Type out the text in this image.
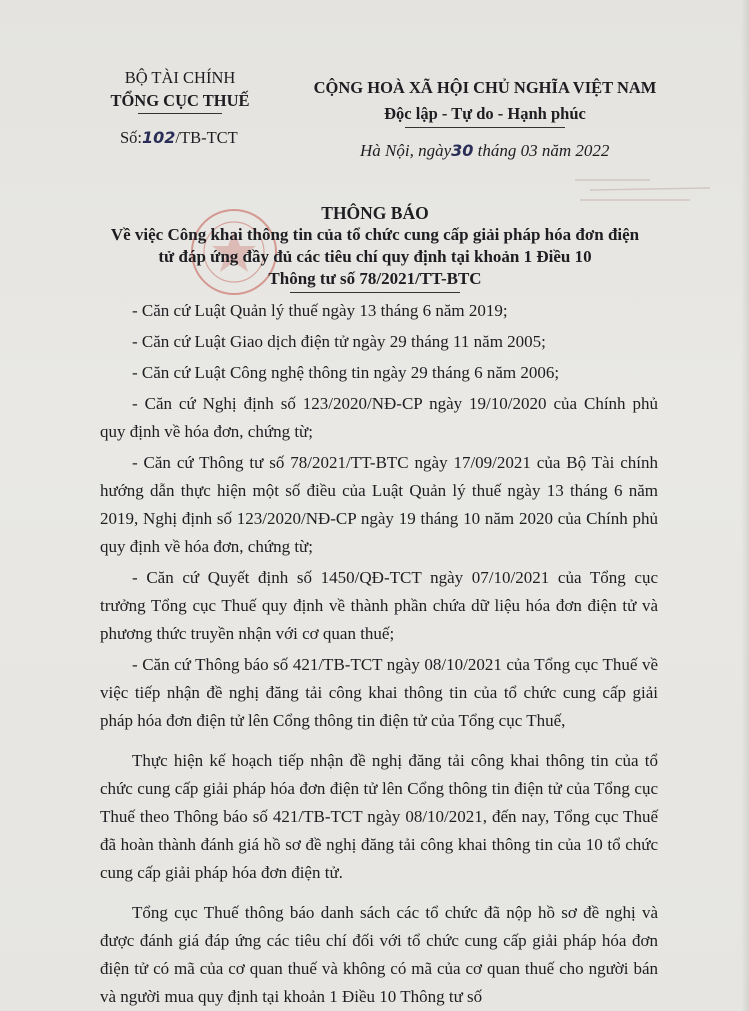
BỘ TÀI CHÍNH
TỔNG CỤC THUẾ
Số:102/TB-TCT
CỘNG HOÀ XÃ HỘI CHỦ NGHĨA VIỆT NAM
Độc lập - Tự do - Hạnh phúc
Hà Nội, ngày30 tháng 03 năm 2022
THÔNG BÁO
Về việc Công khai thông tin của tổ chức cung cấp giải pháp hóa đơn điện
tử đáp ứng đầy đủ các tiêu chí quy định tại khoản 1 Điều 10
Thông tư số 78/2021/TT-BTC

- Căn cứ Luật Quản lý thuế ngày 13 tháng 6 năm 2019;

- Căn cứ Luật Giao dịch điện tử ngày 29 tháng 11 năm 2005;

- Căn cứ Luật Công nghệ thông tin ngày 29 tháng 6 năm 2006;

- Căn cứ Nghị định số 123/2020/NĐ-CP ngày 19/10/2020 của Chính phủ quy định về hóa đơn, chứng từ;

- Căn cứ Thông tư số 78/2021/TT-BTC ngày 17/09/2021 của Bộ Tài chính hướng dẫn thực hiện một số điều của Luật Quản lý thuế ngày 13 tháng 6 năm 2019, Nghị định số 123/2020/NĐ-CP ngày 19 tháng 10 năm 2020 của Chính phủ quy định về hóa đơn, chứng từ;

- Căn cứ Quyết định số 1450/QĐ-TCT ngày 07/10/2021 của Tổng cục trưởng Tổng cục Thuế quy định về thành phần chứa dữ liệu hóa đơn điện tử và phương thức truyền nhận với cơ quan thuế;

- Căn cứ Thông báo số 421/TB-TCT ngày 08/10/2021 của Tổng cục Thuế về việc tiếp nhận đề nghị đăng tải công khai thông tin của tổ chức cung cấp giải pháp hóa đơn điện tử lên Cổng thông tin điện tử của Tổng cục Thuế,

Thực hiện kế hoạch tiếp nhận đề nghị đăng tải công khai thông tin của tổ chức cung cấp giải pháp hóa đơn điện tử lên Cổng thông tin điện tử của Tổng cục Thuế theo Thông báo số 421/TB-TCT ngày 08/10/2021, đến nay, Tổng cục Thuế đã hoàn thành đánh giá hồ sơ đề nghị đăng tải công khai thông tin của 10 tổ chức cung cấp giải pháp hóa đơn điện tử.

Tổng cục Thuế thông báo danh sách các tổ chức đã nộp hồ sơ đề nghị và được đánh giá đáp ứng các tiêu chí đối với tổ chức cung cấp giải pháp hóa đơn điện tử có mã của cơ quan thuế và không có mã của cơ quan thuế cho người bán và người mua quy định tại khoản 1 Điều 10 Thông tư số
